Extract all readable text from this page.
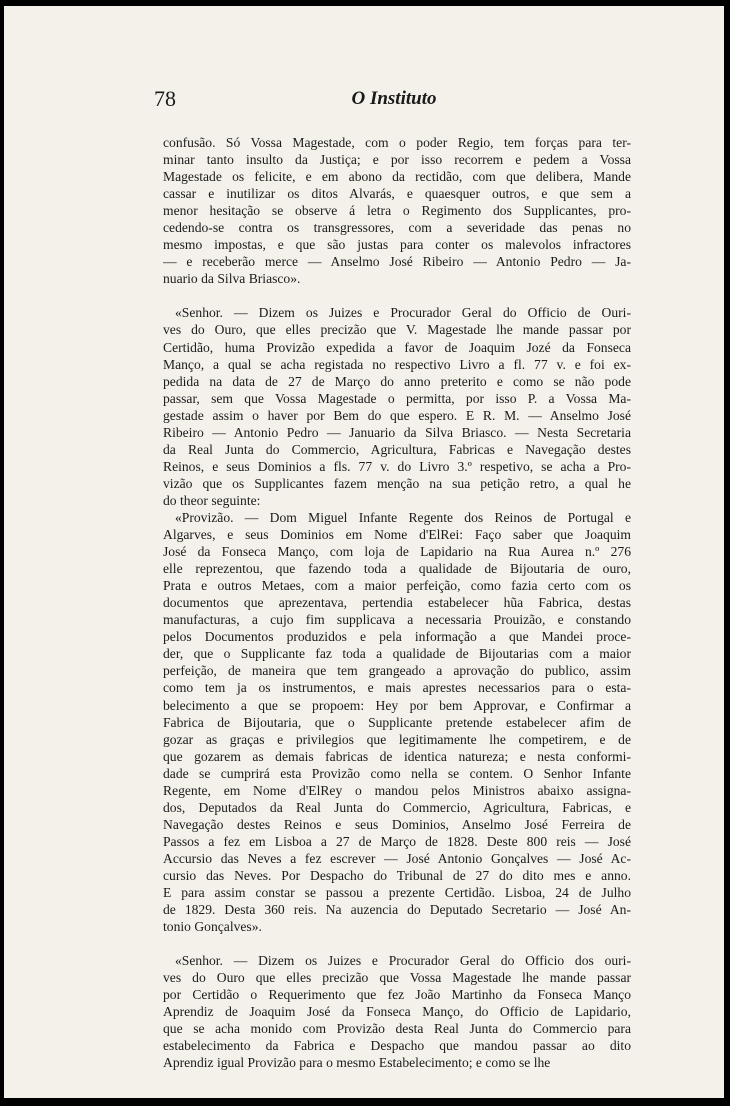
78	O Instituto
confusão. Só Vossa Magestade, com o poder Regio, tem forças para ter-
minar tanto insulto da Justiça; e por isso recorrem e pedem a Vossa
Magestade os felicite, e em abono da rectidão, com que delibera, Mande
cassar e inutilizar os ditos Alvarás, e quaesquer outros, e que sem a
menor hesitação se observe á letra o Regimento dos Supplicantes, pro-
cedendo-se contra os transgressores, com a severidade das penas no
mesmo impostas, e que são justas para conter os malevolos infractores
— e receberão merce — Anselmo José Ribeiro — Antonio Pedro — Ja-
nuario da Silva Briasco».
«Senhor. — Dizem os Juizes e Procurador Geral do Officio de Ouri-
ves do Ouro, que elles precizão que V. Magestade lhe mande passar por
Certidão, huma Provizão expedida a favor de Joaquim Jozé da Fonseca
Manço, a qual se acha registada no respectivo Livro a fl. 77 v. e foi ex-
pedida na data de 27 de Março do anno preterito e como se não pode
passar, sem que Vossa Magestade o permitta, por isso P. a Vossa Ma-
gestade assim o haver por Bem do que espero. E R. M. — Anselmo José
Ribeiro — Antonio Pedro — Januario da Silva Briasco. — Nesta Secretaria
da Real Junta do Commercio, Agricultura, Fabricas e Navegação destes
Reinos, e seus Dominios a fls. 77 v. do Livro 3.º respetivo, se acha a Pro-
vizão que os Supplicantes fazem menção na sua petição retro, a qual he
do theor seguinte:
«Provizão. — Dom Miguel Infante Regente dos Reinos de Portugal e
Algarves, e seus Dominios em Nome d'ElRei: Faço saber que Joaquim
José da Fonseca Manço, com loja de Lapidario na Rua Aurea n.º 276
elle reprezentou, que fazendo toda a qualidade de Bijoutaria de ouro,
Prata e outros Metaes, com a maior perfeição, como fazia certo com os
documentos que aprezentava, pertendia estabelecer hũa Fabrica, destas
manufacturas, a cujo fim supplicava a necessaria Prouizão, e constando
pelos Documentos produzidos e pela informação a que Mandei proce-
der, que o Supplicante faz toda a qualidade de Bijoutarias com a maior
perfeição, de maneira que tem grangeado a aprovação do publico, assim
como tem ja os instrumentos, e mais aprestes necessarios para o esta-
belecimento a que se propoem: Hey por bem Approvar, e Confirmar a
Fabrica de Bijoutaria, que o Supplicante pretende estabelecer afim de
gozar as graças e privilegios que legitimamente lhe competirem, e de
que gozarem as demais fabricas de identica natureza; e nesta conformi-
dade se cumprirá esta Provizão como nella se contem. O Senhor Infante
Regente, em Nome d'ElRey o mandou pelos Ministros abaixo assigna-
dos, Deputados da Real Junta do Commercio, Agricultura, Fabricas, e
Navegação destes Reinos e seus Dominios, Anselmo José Ferreira de
Passos a fez em Lisboa a 27 de Março de 1828. Deste 800 reis — José
Accursio das Neves a fez escrever — José Antonio Gonçalves — José Ac-
cursio das Neves. Por Despacho do Tribunal de 27 do dito mes e anno.
E para assim constar se passou a prezente Certidão. Lisboa, 24 de Julho
de 1829. Desta 360 reis. Na auzencia do Deputado Secretario — José An-
tonio Gonçalves».
«Senhor. — Dizem os Juizes e Procurador Geral do Officio dos ouri-
ves do Ouro que elles precizão que Vossa Magestade lhe mande passar
por Certidão o Requerimento que fez João Martinho da Fonseca Manço
Aprendiz de Joaquim José da Fonseca Manço, do Officio de Lapidario,
que se acha monido com Provizão desta Real Junta do Commercio para
estabelecimento da Fabrica e Despacho que mandou passar ao dito
Aprendiz igual Provizão para o mesmo Estabelecimento; e como se lhe
